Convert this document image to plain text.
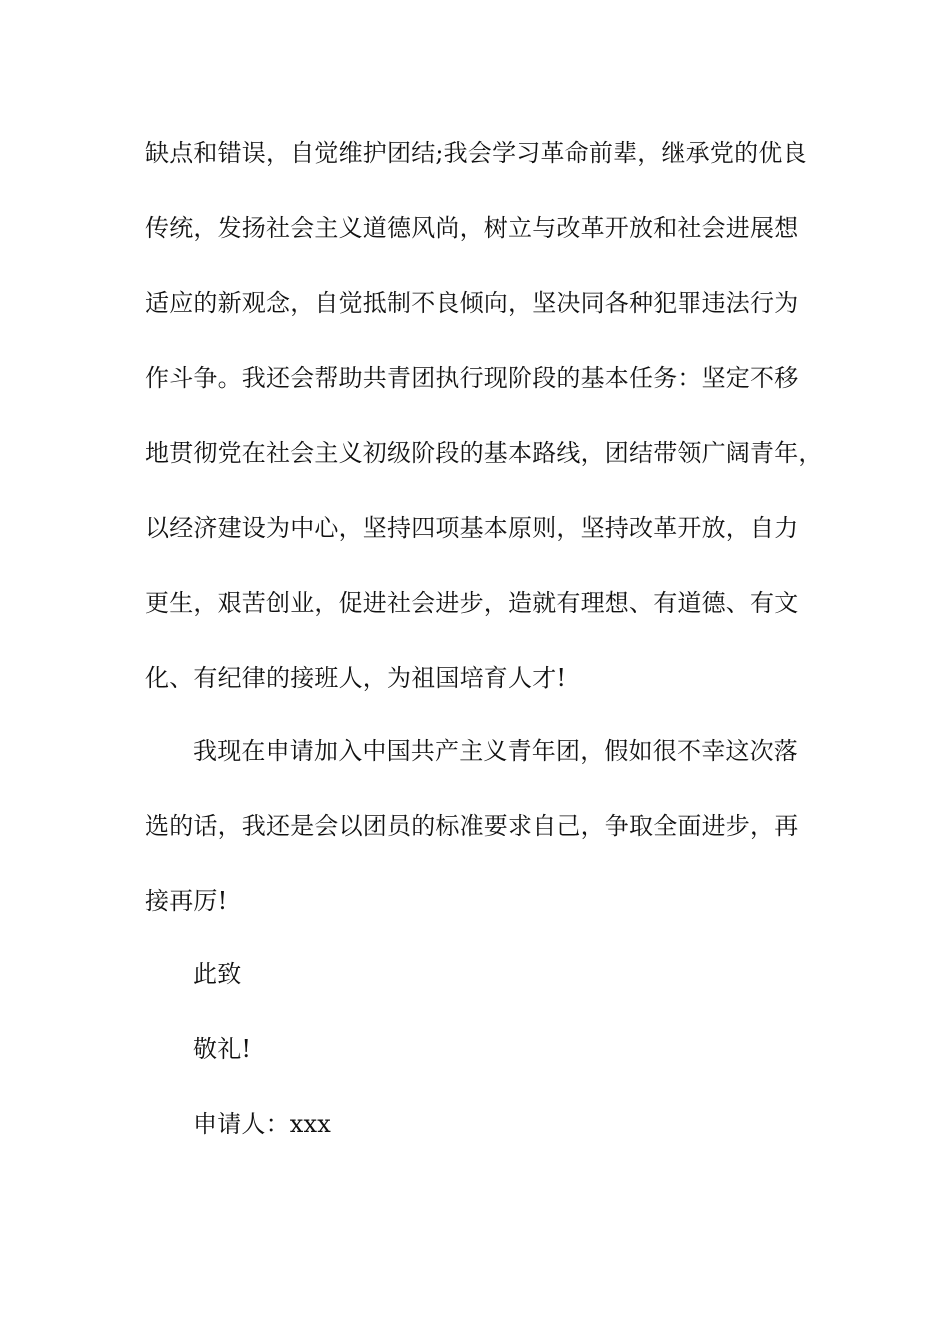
缺点和错误，自觉维护团结;我会学习革命前辈，继承党的优良
传统，发扬社会主义道德风尚，树立与改革开放和社会进展想
适应的新观念，自觉抵制不良倾向，坚决同各种犯罪违法行为
作斗争。我还会帮助共青团执行现阶段的基本任务：坚定不移
地贯彻党在社会主义初级阶段的基本路线，团结带领广阔青年，
以经济建设为中心，坚持四项基本原则，坚持改革开放，自力
更生，艰苦创业，促进社会进步，造就有理想、有道德、有文
化、有纪律的接班人，为祖国培育人才!
我现在申请加入中国共产主义青年团，假如很不幸这次落
选的话，我还是会以团员的标准要求自己，争取全面进步，再
接再厉!
此致
敬礼!
申请人：xxx
